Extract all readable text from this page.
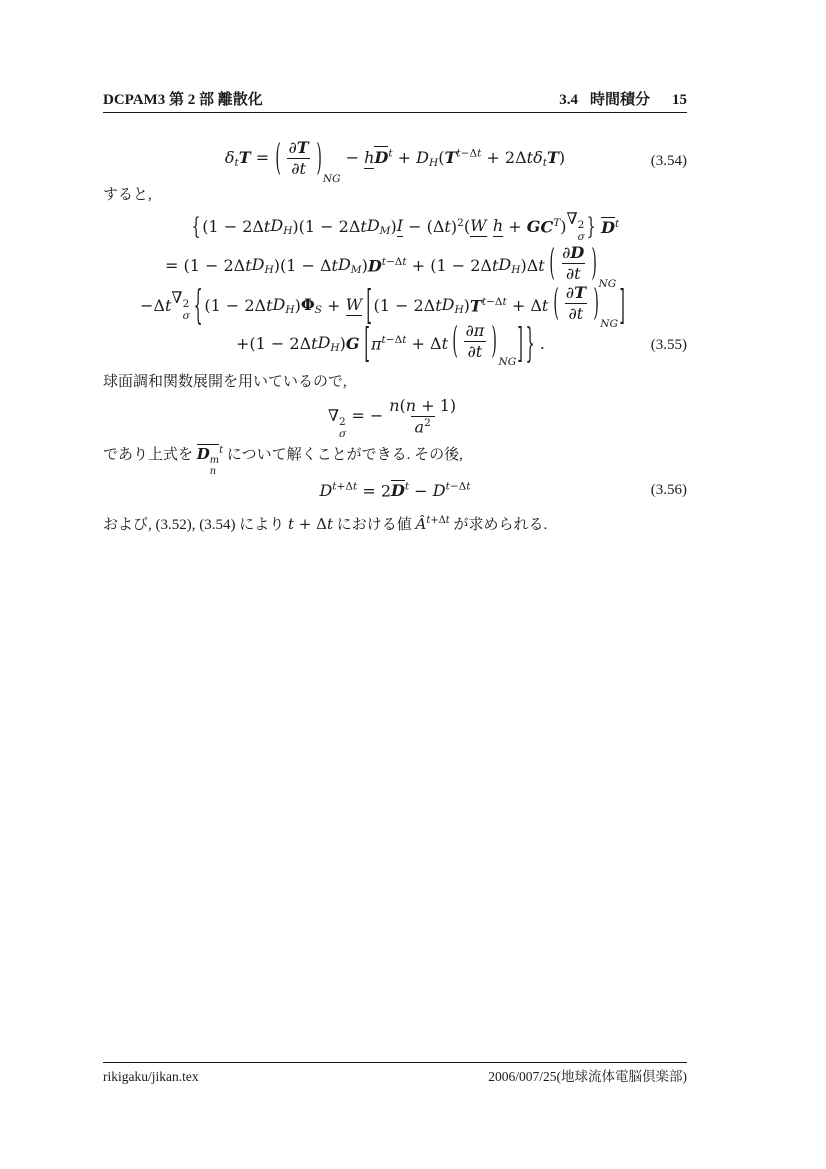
DCPAM3 第 2 部 離散化	3.4 時間積分 15
δtT = ( $\frac{\partial T}{\partial t} )_{NG} - hD^t + DH(T^{t-\Delta t} + 2\Delta t\delta tT)$	(3.54)

すると,

{ (1 − 2Δ t DH )(1 − 2Δ t DM ) I − (Δ t )$^2$ ( W h + G $C^T$ ) ∇ 2
σ } $D^t$
= (1 − 2Δ t DH )(1 − Δ t DM ) $D^{t-\Delta t} + (1 - 2\Delta$ t DH )Δ t ( $\frac{\partial D}{\partial t} )_{NG}$
−Δ t ∇ 2
σ { (1 − 2Δ t DH ) ΦS + W [ (1 − 2Δ t DH ) $T^{t-\Delta t} + \Delta$ t ( $\frac{\partial T}{\partial t} )_{NG}$ ]
+(1 − 2Δ t DH ) G [ $\pi^{t-\Delta t} + \Delta$ t ( $\frac{\partial\pi}{\partial t} )_{NG}$ ] } .	(3.55)

球面調和関数展開を用いているので,

∇ 2
σ
= − $\frac{n ( n + 1)}{a^2}$

であり上式を D m
n
$^t$ について解くことができる. その後,

$D^{t+\Delta t} = 2D^t - D^{t-\Delta t}$	(3.56)

および, (3.52), (3.54) により t + Δt における値 $Â^{t+\Delta t}$ が求められる.

rikigaku/jikan.tex	2006/007/25(地球流体電脳倶楽部)
